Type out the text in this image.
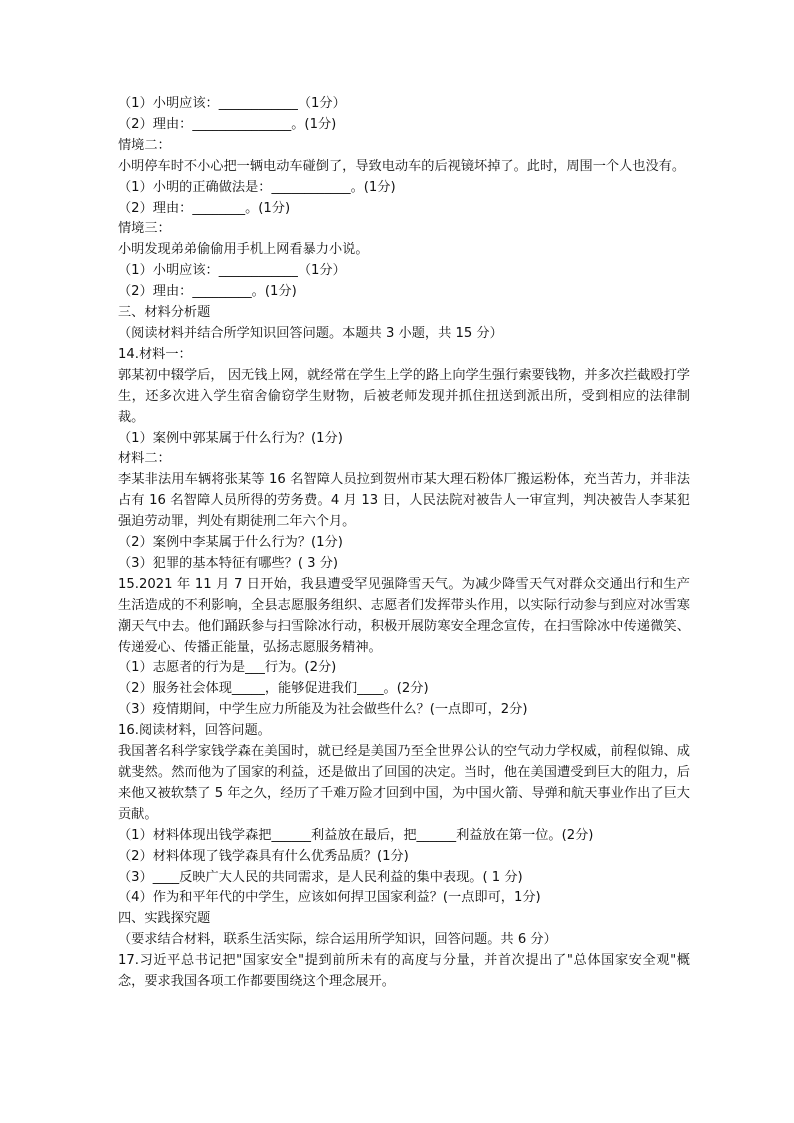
（1）小明应该：____________（1分）
（2）理由：_______________。(1分)
情境二：
小明停车时不小心把一辆电动车碰倒了，导致电动车的后视镜坏掉了。此时，周围一个人也没有。
（1）小明的正确做法是：____________。(1分)
（2）理由：________。(1分)
情境三：
小明发现弟弟偷偷用手机上网看暴力小说。
（1）小明应该：____________（1分）
（2）理由：_________。(1分)
三、材料分析题
（阅读材料并结合所学知识回答问题。本题共 3 小题，共 15 分）
14.材料一：
郭某初中辍学后， 因无钱上网，就经常在学生上学的路上向学生强行索要钱物，并多次拦截殴打学生，还多次进入学生宿舍偷窃学生财物，后被老师发现并抓住扭送到派出所，受到相应的法律制裁。
（1）案例中郭某属于什么行为？(1分)
材料二：
李某非法用车辆将张某等 16 名智障人员拉到贺州市某大理石粉体厂搬运粉体，充当苦力，并非法占有 16 名智障人员所得的劳务费。4 月 13 日，人民法院对被告人一审宣判，判决被告人李某犯强迫劳动罪，判处有期徒刑二年六个月。
（2）案例中李某属于什么行为？(1分)
（3）犯罪的基本特征有哪些？( 3 分)
15.2021 年 11 月 7 日开始，我县遭受罕见强降雪天气。为减少降雪天气对群众交通出行和生产生活造成的不利影响，全县志愿服务组织、志愿者们发挥带头作用，以实际行动参与到应对冰雪寒潮天气中去。他们踊跃参与扫雪除冰行动，积极开展防寒安全理念宣传，在扫雪除冰中传递微笑、传递爱心、传播正能量，弘扬志愿服务精神。
（1）志愿者的行为是___行为。(2分)
（2）服务社会体现_____，能够促进我们____。(2分)
（3）疫情期间，中学生应力所能及为社会做些什么？(一点即可，2分)
16.阅读材料，回答问题。
我国著名科学家钱学森在美国时，就已经是美国乃至全世界公认的空气动力学权威，前程似锦、成就斐然。然而他为了国家的利益，还是做出了回国的决定。当时，他在美国遭受到巨大的阻力，后来他又被软禁了 5 年之久，经历了千难万险才回到中国，为中国火箭、导弹和航天事业作出了巨大贡献。
（1）材料体现出钱学森把______利益放在最后，把______利益放在第一位。(2分)
（2）材料体现了钱学森具有什么优秀品质？(1分)
（3）____反映广大人民的共同需求，是人民利益的集中表现。( 1 分)
（4）作为和平年代的中学生，应该如何捍卫国家利益？(一点即可，1分)
四、实践探究题
（要求结合材料，联系生活实际，综合运用所学知识，回答问题。共 6 分）
17.习近平总书记把"国家安全"提到前所未有的高度与分量，并首次提出了"总体国家安全观"概念，要求我国各项工作都要围绕这个理念展开。
